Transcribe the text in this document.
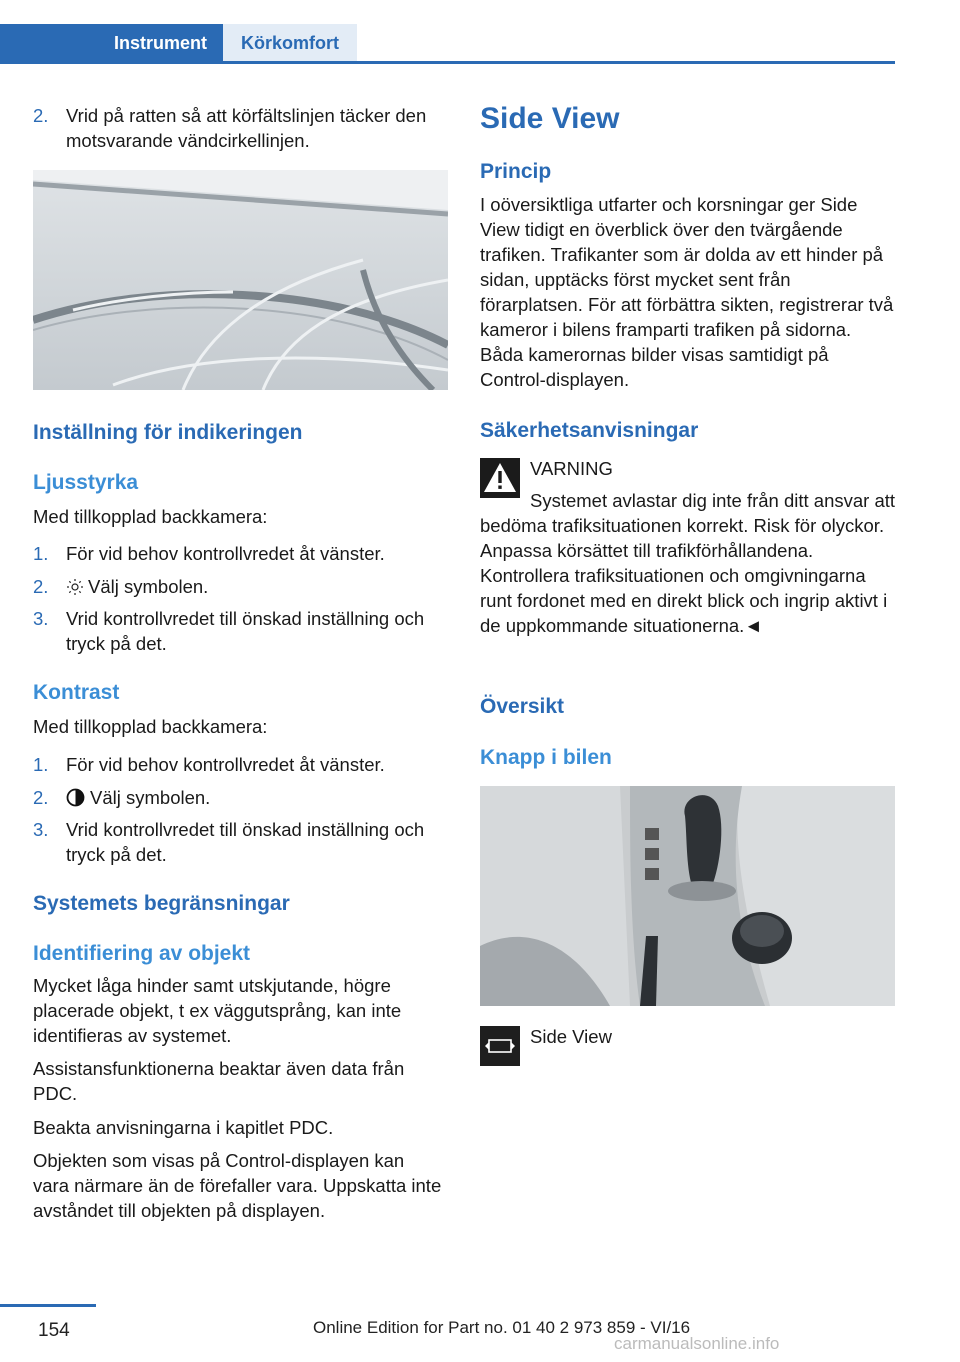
Instrument Körkomfort
2. Vrid på ratten så att körfältslinjen täcker den motsvarande vändcirkellinjen.
Inställning för indikeringen
Ljusstyrka
Med tillkopplad backkamera:
1. För vid behov kontrollvredet åt vänster.
2.	Välj symbolen.
3. Vrid kontrollvredet till önskad inställning och tryck på det.
Kontrast
Med tillkopplad backkamera:
1. För vid behov kontrollvredet åt vänster.
2.	Välj symbolen.
3. Vrid kontrollvredet till önskad inställning och tryck på det.
Systemets begränsningar
Identifiering av objekt

Mycket låga hinder samt utskjutande, högre placerade objekt, t ex väggutsprång, kan inte identifieras av systemet.

Assistansfunktionerna beaktar även data från PDC.

Beakta anvisningarna i kapitlet PDC.

Objekten som visas på Control-displayen kan vara närmare än de förefaller vara. Uppskatta inte avståndet till objekten på displayen.

Side View
Princip

I oöversiktliga utfarter och korsningar ger Side View tidigt en överblick över den tvärgående trafiken. Trafikanter som är dolda av ett hinder på sidan, upptäcks först mycket sent från förarplatsen. För att förbättra sikten, registrerar två kameror i bilens framparti trafiken på sidorna. Båda kamerornas bilder visas samtidigt på Control-displayen.

Säkerhetsanvisningar
VARNING

Systemet avlastar dig inte från ditt ansvar att bedöma trafiksituationen korrekt. Risk för olyckor. Anpassa körsättet till trafikförhållandena. Kontrollera trafiksituationen och omgivningarna runt fordonet med en direkt blick och ingrip aktivt i de uppkommande situationerna.◄

Översikt
Knapp i bilen
Side View
154	Online Edition for Part no. 01 40 2 973 859 - VI/16
carmanualsonline.info
